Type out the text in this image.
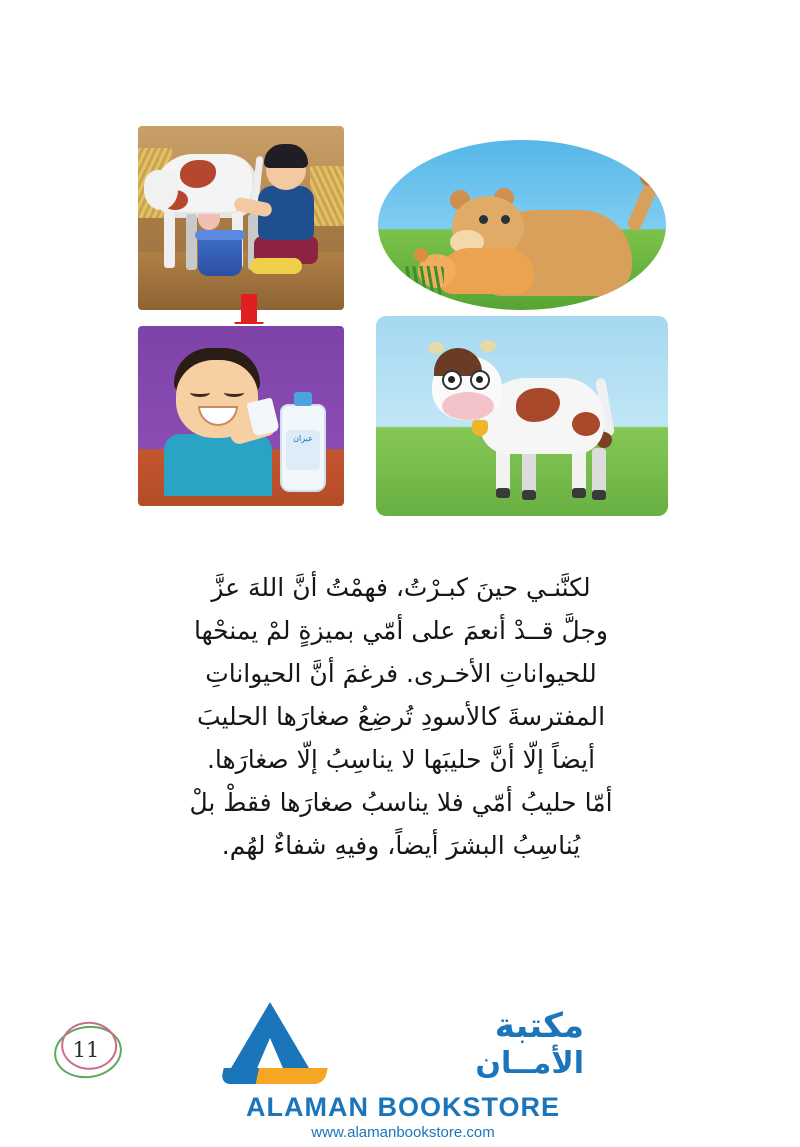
عبران

لكنَّنـي حينَ كبـرْتُ، فهمْتُ أنَّ اللهَ عزَّ

وجلَّ قــدْ أنعمَ على أمّي بميزةٍ لمْ يمنحْها

للحيواناتِ الأخـرى. فرغمَ أنَّ الحيواناتِ

المفترسةَ كالأسودِ تُرضِعُ صغارَها الحليبَ

أيضاً إلّا أنَّ حليبَها لا يناسِبُ إلّا صغارَها.

أمّا حليبُ أمّي فلا يناسبُ صغارَها فقطْ بلْ

يُناسِبُ البشرَ أيضاً، وفيهِ شفاءٌ لهُم.

11
مكتبة
الأمــان
ALAMAN BOOKSTORE
www.alamanbookstore.com
